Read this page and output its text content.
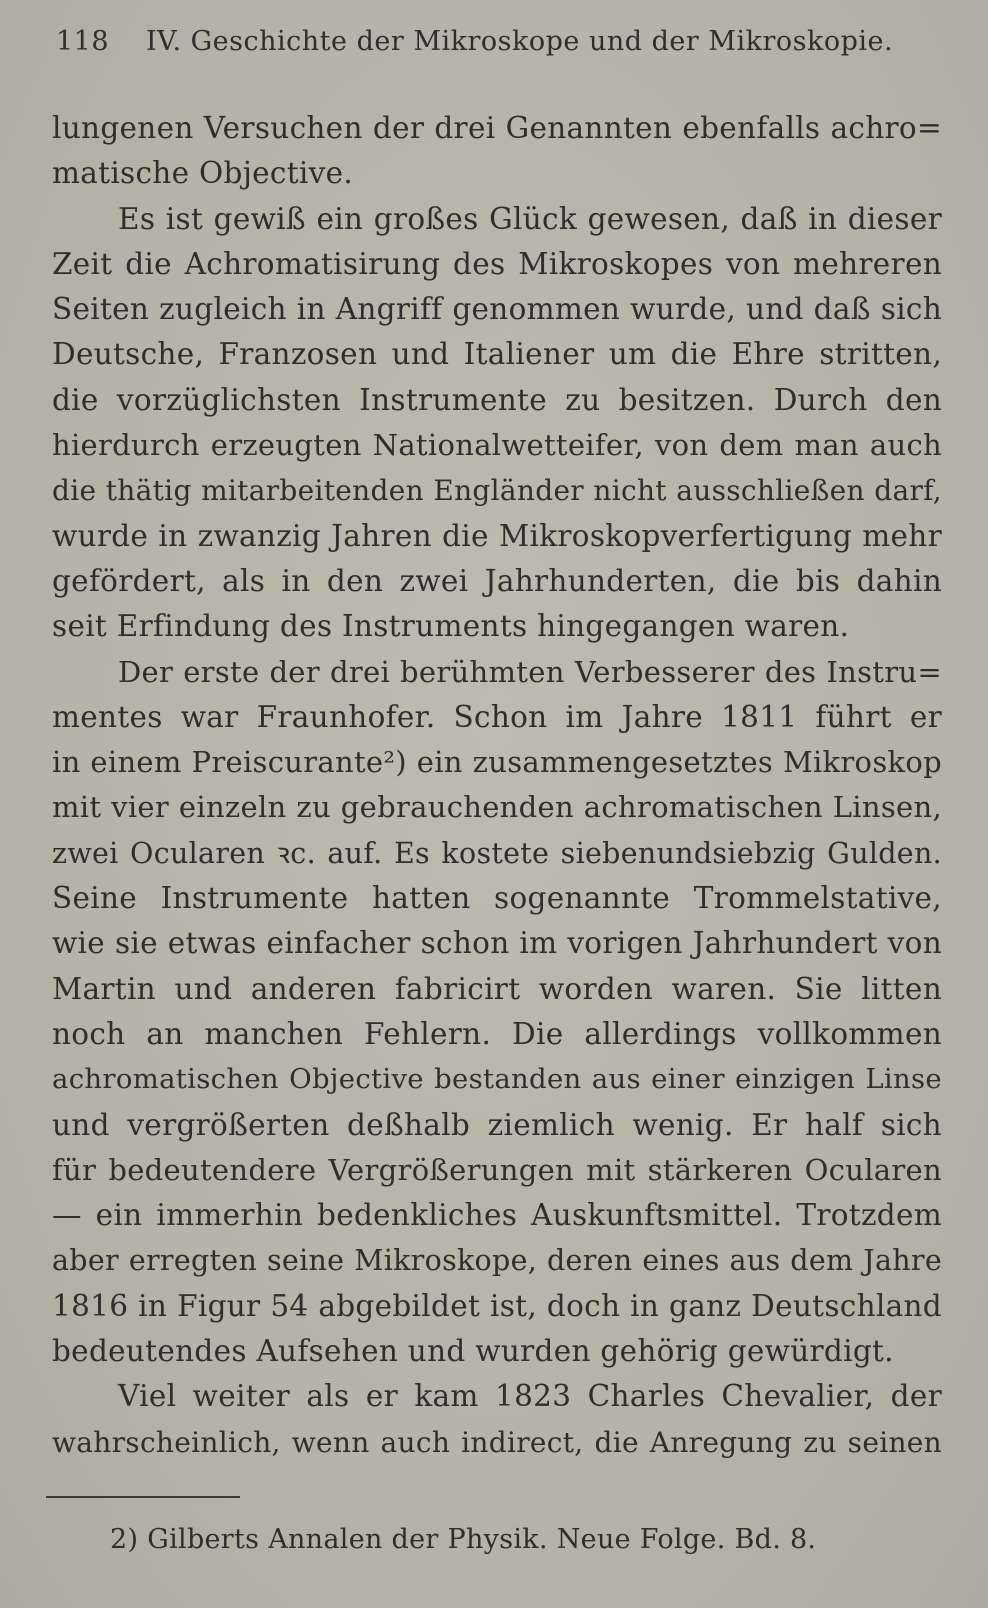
118 IV. Geschichte der Mikroskope und der Mikroskopie.
lungenen Versuchen der drei Genannten ebenfalls achro=
matische Objective.
Es ist gewiß ein großes Glück gewesen, daß in dieser
Zeit die Achromatisirung des Mikroskopes von mehreren
Seiten zugleich in Angriff genommen wurde, und daß sich
Deutsche, Franzosen und Italiener um die Ehre stritten,
die vorzüglichsten Instrumente zu besitzen. Durch den
hierdurch erzeugten Nationalwetteifer, von dem man auch
die thätig mitarbeitenden Engländer nicht ausschließen darf,
wurde in zwanzig Jahren die Mikroskopverfertigung mehr
gefördert, als in den zwei Jahrhunderten, die bis dahin
seit Erfindung des Instruments hingegangen waren.
Der erste der drei berühmten Verbesserer des Instru=
mentes war Fraunhofer. Schon im Jahre 1811 führt er
in einem Preiscurante²) ein zusammengesetztes Mikroskop
mit vier einzeln zu gebrauchenden achromatischen Linsen,
zwei Ocularen ꝛc. auf. Es kostete siebenundsiebzig Gulden.
Seine Instrumente hatten sogenannte Trommelstative,
wie sie etwas einfacher schon im vorigen Jahrhundert von
Martin und anderen fabricirt worden waren. Sie litten
noch an manchen Fehlern. Die allerdings vollkommen
achromatischen Objective bestanden aus einer einzigen Linse
und vergrößerten deßhalb ziemlich wenig. Er half sich
für bedeutendere Vergrößerungen mit stärkeren Ocularen
— ein immerhin bedenkliches Auskunftsmittel. Trotzdem
aber erregten seine Mikroskope, deren eines aus dem Jahre
1816 in Figur 54 abgebildet ist, doch in ganz Deutschland
bedeutendes Aufsehen und wurden gehörig gewürdigt.
Viel weiter als er kam 1823 Charles Chevalier, der
wahrscheinlich, wenn auch indirect, die Anregung zu seinen
2) Gilberts Annalen der Physik. Neue Folge. Bd. 8.
